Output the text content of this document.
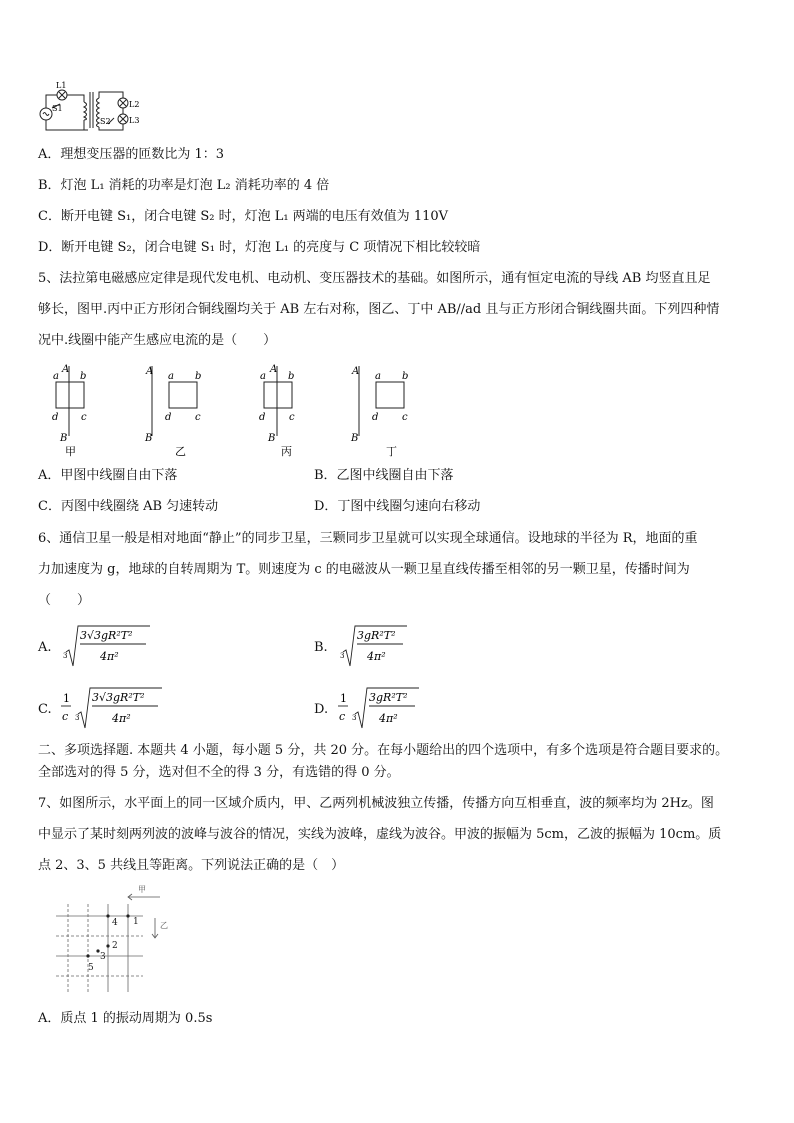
L1
S1	L2
S2 L3
A．理想变压器的匝数比为 1：3
B．灯泡 L₁ 消耗的功率是灯泡 L₂ 消耗功率的 4 倍
C．断开电键 S₁，闭合电键 S₂ 时，灯泡 L₁ 两端的电压有效值为 110V
D．断开电键 S₂，闭合电键 S₁ 时，灯泡 L₁ 的亮度与 C 项情况下相比较较暗
5、法拉第电磁感应定律是现代发电机、电动机、变压器技术的基础。如图所示，通有恒定电流的导线 AB 均竖直且足
够长，图甲.丙中正方形闭合铜线圈均关于 AB 左右对称，图乙、丁中 AB//ad 且与正方形闭合铜线圈共面。下列四种情
况中.线圈中能产生感应电流的是（　　）
a
A
b
d c
B
A a b
d c
B
a
A
b
d c
B
A a b
d c
B
甲	乙	丙	丁
A．甲图中线圈自由下落	B．乙图中线圈自由下落
C．丙图中线圈绕 AB 匀速转动	D．丁图中线圈匀速向右移动
6、通信卫星一般是相对地面“静止”的同步卫星，三颗同步卫星就可以实现全球通信。设地球的半径为 R，地面的重
力加速度为 g，地球的自转周期为 T。则速度为 c 的电磁波从一颗卫星直线传播至相邻的另一颗卫星，传播时间为
（　　）
A.
3
3√3gR²T²
4π²
B.
3
3gR²T²
4π²
C.
1
c 3
3√3gR²T²
4π²
D.
1
c 3
3gR²T²
4π²
二、多项选择题. 本题共 4 小题，每小题 5 分，共 20 分。在每小题给出的四个选项中，有多个选项是符合题目要求的。
全部选对的得 5 分，选对但不全的得 3 分，有选错的得 0 分。
7、如图所示，水平面上的同一区域介质内，甲、乙两列机械波独立传播，传播方向互相垂直，波的频率均为 2Hz。图
中显示了某时刻两列波的波峰与波谷的情况，实线为波峰，虚线为波谷。甲波的振幅为 5cm，乙波的振幅为 10cm。质
点 2、3、5 共线且等距离。下列说法正确的是（　）
甲
乙
1
2
3
4
5
A．质点 1 的振动周期为 0.5s
